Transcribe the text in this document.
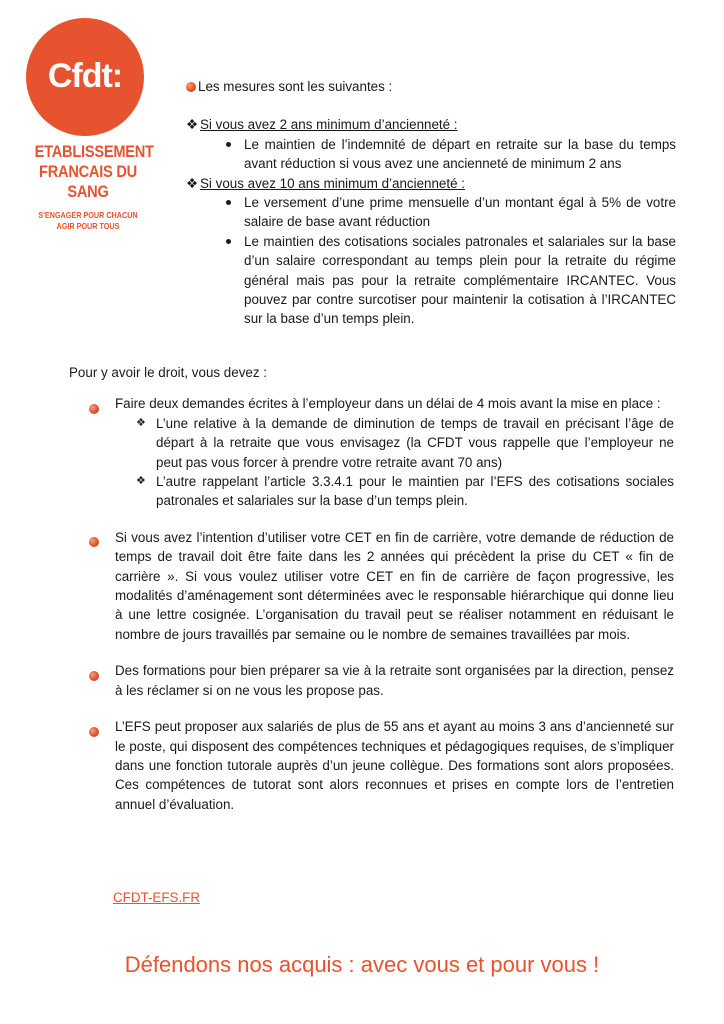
Cfdt:
ETABLISSEMENT
FRANCAIS DU SANG
S'ENGAGER POUR CHACUN
AGIR POUR TOUS
Les mesures sont les suivantes :
❖ Si vous avez 2 ans minimum d’ancienneté :
Le maintien de l’indemnité de départ en retraite sur la base du temps avant réduction si vous avez une ancienneté de minimum 2 ans
❖ Si vous avez 10 ans minimum d’ancienneté :
Le versement d’une prime mensuelle d’un montant égal à 5% de votre salaire de base avant réduction
Le maintien des cotisations sociales patronales et salariales sur la base d’un salaire correspondant au temps plein pour la retraite du régime général mais pas pour la retraite complémentaire IRCANTEC. Vous pouvez par contre surcotiser pour maintenir la cotisation à l’IRCANTEC sur la base d’un temps plein.
Pour y avoir le droit, vous devez :
Faire deux demandes écrites à l’employeur dans un délai de 4 mois avant la mise en place :
❖ L’une relative à la demande de diminution de temps de travail en précisant l’âge de départ à la retraite que vous envisagez (la CFDT vous rappelle que l’employeur ne peut pas vous forcer à prendre votre retraite avant 70 ans)
❖ L’autre rappelant l’article 3.3.4.1 pour le maintien par l’EFS des cotisations sociales patronales et salariales sur la base d’un temps plein.
Si vous avez l’intention d’utiliser votre CET en fin de carrière, votre demande de réduction de temps de travail doit être faite dans les 2 années qui précèdent la prise du CET « fin de carrière ». Si vous voulez utiliser votre CET en fin de carrière de façon progressive, les modalités d’aménagement sont déterminées avec le responsable hiérarchique qui donne lieu à une lettre cosignée. L’organisation du travail peut se réaliser notamment en réduisant le nombre de jours travaillés par semaine ou le nombre de semaines travaillées par mois.
Des formations pour bien préparer sa vie à la retraite sont organisées par la direction, pensez à les réclamer si on ne vous les propose pas.
L’EFS peut proposer aux salariés de plus de 55 ans et ayant au moins 3 ans d’ancienneté sur le poste, qui disposent des compétences techniques et pédagogiques requises, de s’impliquer dans une fonction tutorale auprès d’un jeune collègue. Des formations sont alors proposées. Ces compétences de tutorat sont alors reconnues et prises en compte lors de l’entretien annuel d’évaluation.
CFDT-EFS.FR
Défendons nos acquis : avec vous et pour vous !
